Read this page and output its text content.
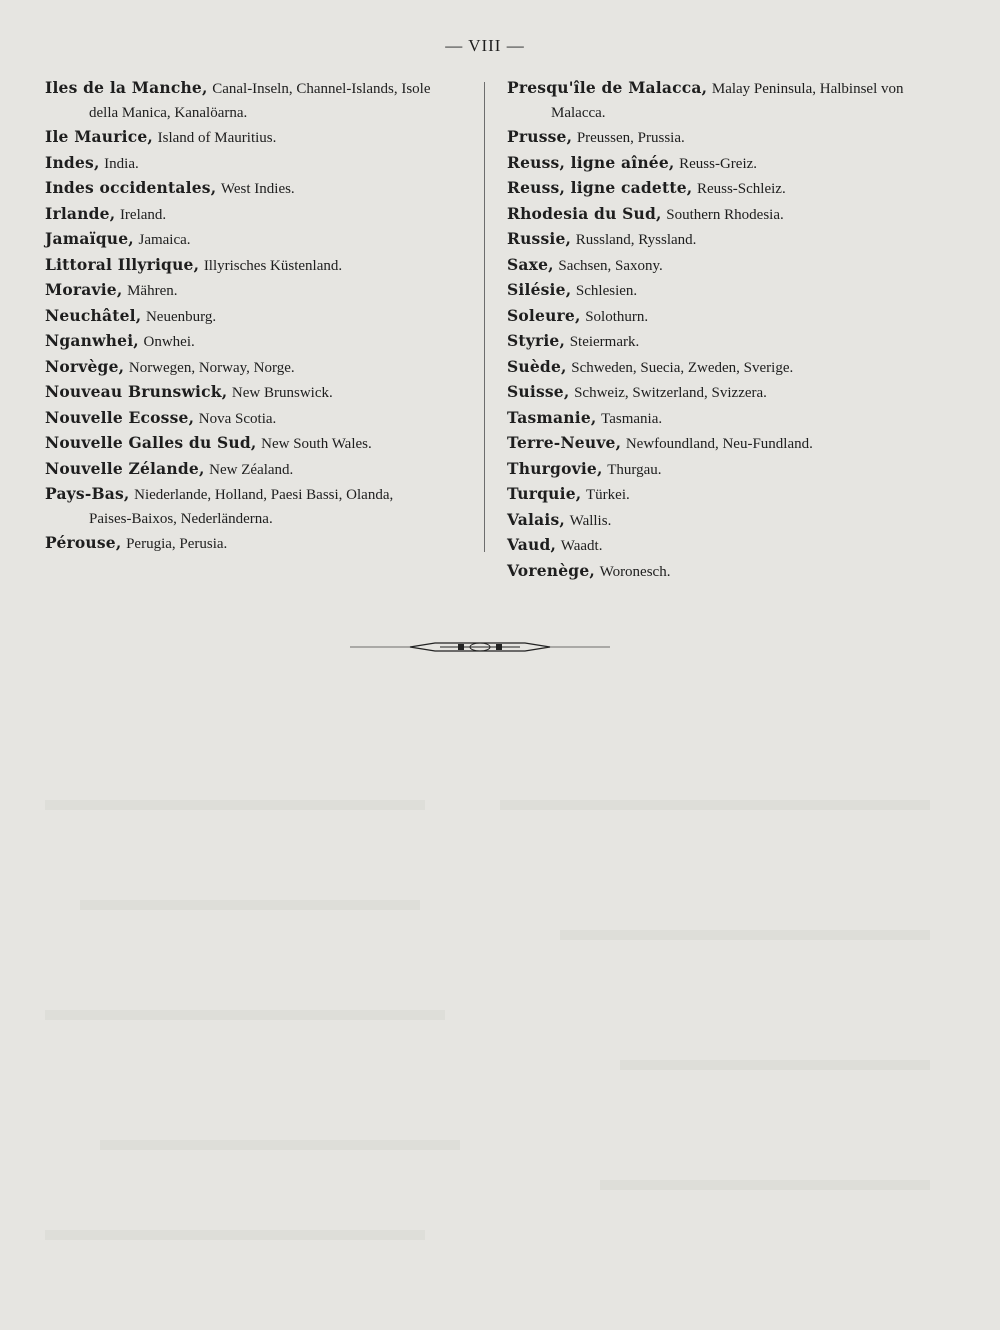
— VIII —

Iles de la Manche, Canal-Inseln, Channel-Islands, Isole
della Manica, Kanalöarna.

Ile Maurice, Island of Mauritius.

Indes, India.

Indes occidentales, West Indies.

Irlande, Ireland.

Jamaïque, Jamaica.

Littoral Illyrique, Illyrisches Küstenland.

Moravie, Mähren.

Neuchâtel, Neuenburg.

Nganwhei, Onwhei.

Norvège, Norwegen, Norway, Norge.

Nouveau Brunswick, New Brunswick.

Nouvelle Ecosse, Nova Scotia.

Nouvelle Galles du Sud, New South Wales.

Nouvelle Zélande, New Zéaland.

Pays-Bas, Niederlande, Holland, Paesi Bassi, Olanda,
Paises-Baixos, Nederländerna.

Pérouse, Perugia, Perusia.

Presqu'île de Malacca, Malay Peninsula, Halbinsel von
Malacca.

Prusse, Preussen, Prussia.

Reuss, ligne aînée, Reuss-Greiz.

Reuss, ligne cadette, Reuss-Schleiz.

Rhodesia du Sud, Southern Rhodesia.

Russie, Russland, Ryssland.

Saxe, Sachsen, Saxony.

Silésie, Schlesien.

Soleure, Solothurn.

Styrie, Steiermark.

Suède, Schweden, Suecia, Zweden, Sverige.

Suisse, Schweiz, Switzerland, Svizzera.

Tasmanie, Tasmania.

Terre-Neuve, Newfoundland, Neu-Fundland.

Thurgovie, Thurgau.

Turquie, Türkei.

Valais, Wallis.

Vaud, Waadt.

Vorenège, Woronesch.
